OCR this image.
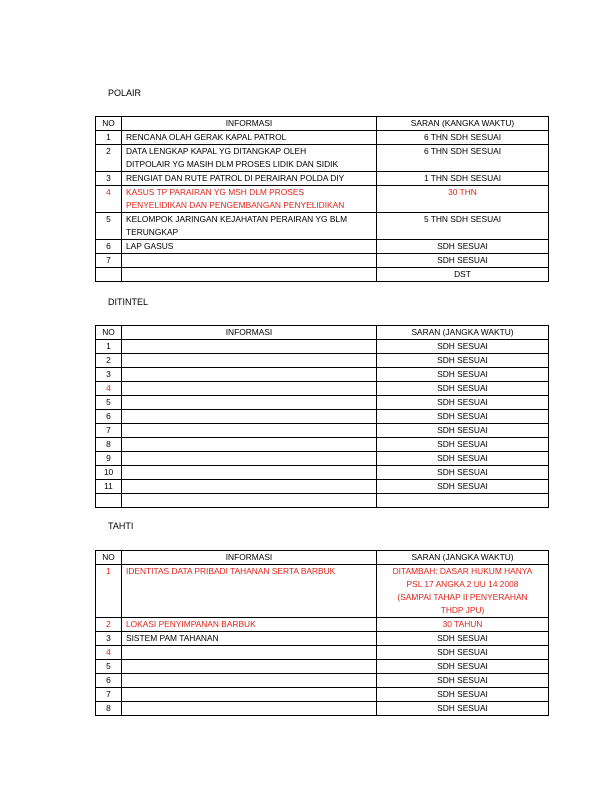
POLAIR
NO	INFORMASI	SARAN (KANGKA WAKTU)
1	RENCANA OLAH GERAK KAPAL PATROL	6 THN SDH SESUAI

2	DATA LENGKAP KAPAL YG DITANGKAP OLEH
DITPOLAIR YG MASIH DLM PROSES LIDIK DAN SIDIK	6 THN SDH SESUAI

3	RENGIAT DAN RUTE PATROL DI PERAIRAN POLDA DIY	1 THN SDH SESUAI

4	KASUS TP PARAIRAN YG MSH DLM PROSES
PENYELIDIKAN DAN PENGEMBANGAN PENYELIDIKAN	30 THN

5	KELOMPOK JARINGAN KEJAHATAN PERAIRAN YG BLM
TERUNGKAP	5 THN SDH SESUAI

6	LAP GASUS	SDH SESUAI

7		SDH SESUAI

		DST
DITINTEL
NO	INFORMASI	SARAN (JANGKA WAKTU)
1		SDH SESUAI

2		SDH SESUAI

3		SDH SESUAI

4		SDH SESUAI

5		SDH SESUAI

6		SDH SESUAI

7		SDH SESUAI

8		SDH SESUAI

9		SDH SESUAI

10		SDH SESUAI

11		SDH SESUAI

TAHTI
NO	INFORMASI	SARAN (JANGKA WAKTU)
1	IDENTITAS DATA PRIBADI TAHANAN SERTA BARBUK	DITAMBAH: DASAR HUKUM HANYA
PSL 17 ANGKA 2 UU 14 2008
(SAMPAI TAHAP II PENYERAHAN
THDP JPU)

2	LOKASI PENYIMPANAN BARBUK	30 TAHUN

3	SISTEM PAM TAHANAN	SDH SESUAI

4		SDH SESUAI

5		SDH SESUAI

6		SDH SESUAI

7		SDH SESUAI

8		SDH SESUAI
